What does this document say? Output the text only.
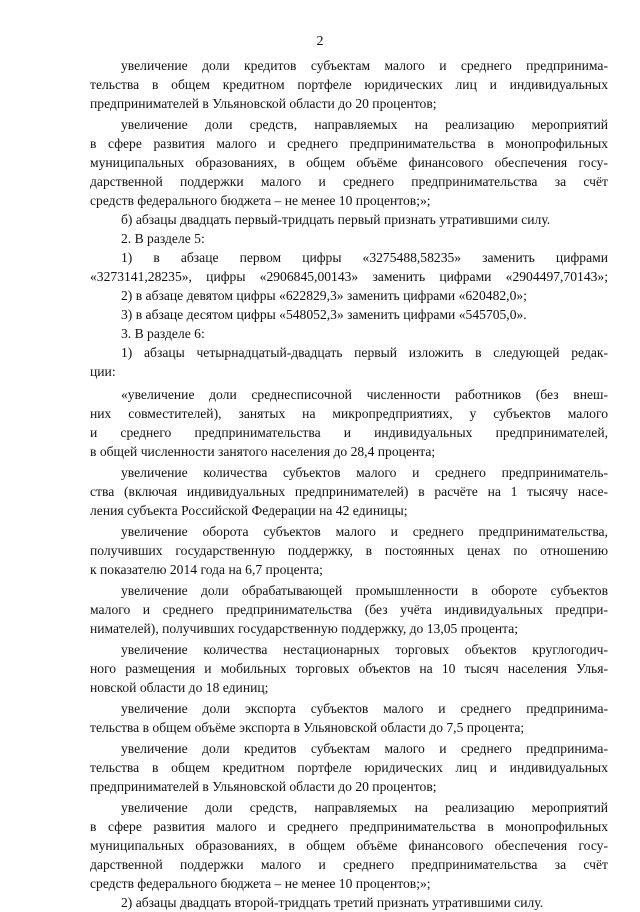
2
увеличение доли кредитов субъектам малого и среднего предпринима-
тельства в общем кредитном портфеле юридических лиц и индивидуальных
предпринимателей в Ульяновской области до 20 процентов;
увеличение доли средств, направляемых на реализацию мероприятий
в сфере развития малого и среднего предпринимательства в монопрофильных
муниципальных образованиях, в общем объёме финансового обеспечения госу-
дарственной поддержки малого и среднего предпринимательства за счёт
средств федерального бюджета – не менее 10 процентов;»;
б) абзацы двадцать первый-тридцать первый признать утратившими силу.
2. В разделе 5:
1) в абзаце первом цифры «3275488,58235» заменить цифрами
«3273141,28235», цифры «2906845,00143» заменить цифрами «2904497,70143»;
2) в абзаце девятом цифры «622829,3» заменить цифрами «620482,0»;
3) в абзаце десятом цифры «548052,3» заменить цифрами «545705,0».
3. В разделе 6:
1) абзацы четырнадцатый-двадцать первый изложить в следующей редак-
ции:
«увеличение доли среднесписочной численности работников (без внеш-
них совместителей), занятых на микропредприятиях, у субъектов малого
и среднего предпринимательства и индивидуальных предпринимателей,
в общей численности занятого населения до 28,4 процента;
увеличение количества субъектов малого и среднего предприниматель-
ства (включая индивидуальных предпринимателей) в расчёте на 1 тысячу насе-
ления субъекта Российской Федерации на 42 единицы;
увеличение оборота субъектов малого и среднего предпринимательства,
получивших государственную поддержку, в постоянных ценах по отношению
к показателю 2014 года на 6,7 процента;
увеличение доли обрабатывающей промышленности в обороте субъектов
малого и среднего предпринимательства (без учёта индивидуальных предпри-
нимателей), получивших государственную поддержку, до 13,05 процента;
увеличение количества нестационарных торговых объектов круглогодич-
ного размещения и мобильных торговых объектов на 10 тысяч населения Улья-
новской области до 18 единиц;
увеличение доли экспорта субъектов малого и среднего предпринима-
тельства в общем объёме экспорта в Ульяновской области до 7,5 процента;
увеличение доли кредитов субъектам малого и среднего предпринима-
тельства в общем кредитном портфеле юридических лиц и индивидуальных
предпринимателей в Ульяновской области до 20 процентов;
увеличение доли средств, направляемых на реализацию мероприятий
в сфере развития малого и среднего предпринимательства в монопрофильных
муниципальных образованиях, в общем объёме финансового обеспечения госу-
дарственной поддержки малого и среднего предпринимательства за счёт
средств федерального бюджета – не менее 10 процентов;»;
2) абзацы двадцать второй-тридцать третий признать утратившими силу.
